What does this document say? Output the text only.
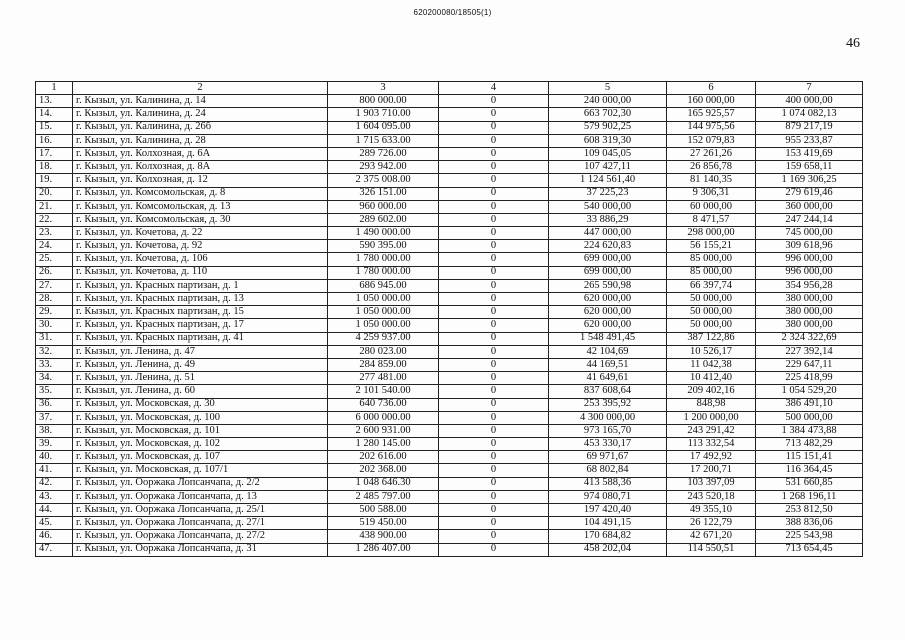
620200080/18505(1)
46
1	2	3	4	5	6	7
13.	г. Кызыл, ул. Калинина, д. 14	800 000.00	0	240 000,00	160 000,00	400 000,00
14.	г. Кызыл, ул. Калинина, д. 24	1 903 710.00	0	663 702,30	165 925,57	1 074 082,13
15.	г. Кызыл, ул. Калинина, д. 26б	1 604 095.00	0	579 902,25	144 975,56	879 217,19
16.	г. Кызыл, ул. Калинина, д. 28	1 715 633.00	0	608 319,30	152 079,83	955 233,87
17.	г. Кызыл, ул. Колхозная, д. 6А	289 726.00	0	109 045,05	27 261,26	153 419,69
18.	г. Кызыл, ул. Колхозная, д. 8А	293 942.00	0	107 427,11	26 856,78	159 658,11
19.	г. Кызыл, ул. Колхозная, д. 12	2 375 008.00	0	1 124 561,40	81 140,35	1 169 306,25
20.	г. Кызыл, ул. Комсомольская, д. 8	326 151.00	0	37 225,23	9 306,31	279 619,46
21.	г. Кызыл, ул. Комсомольская, д. 13	960 000.00	0	540 000,00	60 000,00	360 000,00
22.	г. Кызыл, ул. Комсомольская, д. 30	289 602.00	0	33 886,29	8 471,57	247 244,14
23.	г. Кызыл, ул. Кочетова, д. 22	1 490 000.00	0	447 000,00	298 000,00	745 000,00
24.	г. Кызыл, ул. Кочетова, д. 92	590 395.00	0	224 620,83	56 155,21	309 618,96
25.	г. Кызыл, ул. Кочетова, д. 106	1 780 000.00	0	699 000,00	85 000,00	996 000,00
26.	г. Кызыл, ул. Кочетова, д. 110	1 780 000.00	0	699 000,00	85 000,00	996 000,00
27.	г. Кызыл, ул. Красных партизан, д. 1	686 945.00	0	265 590,98	66 397,74	354 956,28
28.	г. Кызыл, ул. Красных партизан, д. 13	1 050 000.00	0	620 000,00	50 000,00	380 000,00
29.	г. Кызыл, ул. Красных партизан, д. 15	1 050 000.00	0	620 000,00	50 000,00	380 000,00
30.	г. Кызыл, ул. Красных партизан, д. 17	1 050 000.00	0	620 000,00	50 000,00	380 000,00
31.	г. Кызыл, ул. Красных партизан, д. 41	4 259 937.00	0	1 548 491,45	387 122,86	2 324 322,69
32.	г. Кызыл, ул. Ленина, д. 47	280 023.00	0	42 104,69	10 526,17	227 392,14
33.	г. Кызыл, ул. Ленина, д. 49	284 859.00	0	44 169,51	11 042,38	229 647,11
34.	г. Кызыл, ул. Ленина, д. 51	277 481.00	0	41 649,61	10 412,40	225 418,99
35.	г. Кызыл, ул. Ленина, д. 60	2 101 540.00	0	837 608,64	209 402,16	1 054 529,20
36.	г. Кызыл, ул. Московская, д. 30	640 736.00	0	253 395,92	848,98	386 491,10
37.	г. Кызыл, ул. Московская, д. 100	6 000 000.00	0	4 300 000,00	1 200 000,00	500 000,00
38.	г. Кызыл, ул. Московская, д. 101	2 600 931.00	0	973 165,70	243 291,42	1 384 473,88
39.	г. Кызыл, ул. Московская, д. 102	1 280 145.00	0	453 330,17	113 332,54	713 482,29
40.	г. Кызыл, ул. Московская, д. 107	202 616.00	0	69 971,67	17 492,92	115 151,41
41.	г. Кызыл, ул. Московская, д. 107/1	202 368.00	0	68 802,84	17 200,71	116 364,45
42.	г. Кызыл, ул. Ооржака Лопсанчапа, д. 2/2	1 048 646.30	0	413 588,36	103 397,09	531 660,85
43.	г. Кызыл, ул. Ооржака Лопсанчапа, д. 13	2 485 797.00	0	974 080,71	243 520,18	1 268 196,11
44.	г. Кызыл, ул. Ооржака Лопсанчапа, д. 25/1	500 588.00	0	197 420,40	49 355,10	253 812,50
45.	г. Кызыл, ул. Ооржака Лопсанчапа, д. 27/1	519 450.00	0	104 491,15	26 122,79	388 836,06
46.	г. Кызыл, ул. Ооржака Лопсанчапа, д. 27/2	438 900.00	0	170 684,82	42 671,20	225 543,98
47.	г. Кызыл, ул. Ооржака Лопсанчапа, д. 31	1 286 407.00	0	458 202,04	114 550,51	713 654,45
